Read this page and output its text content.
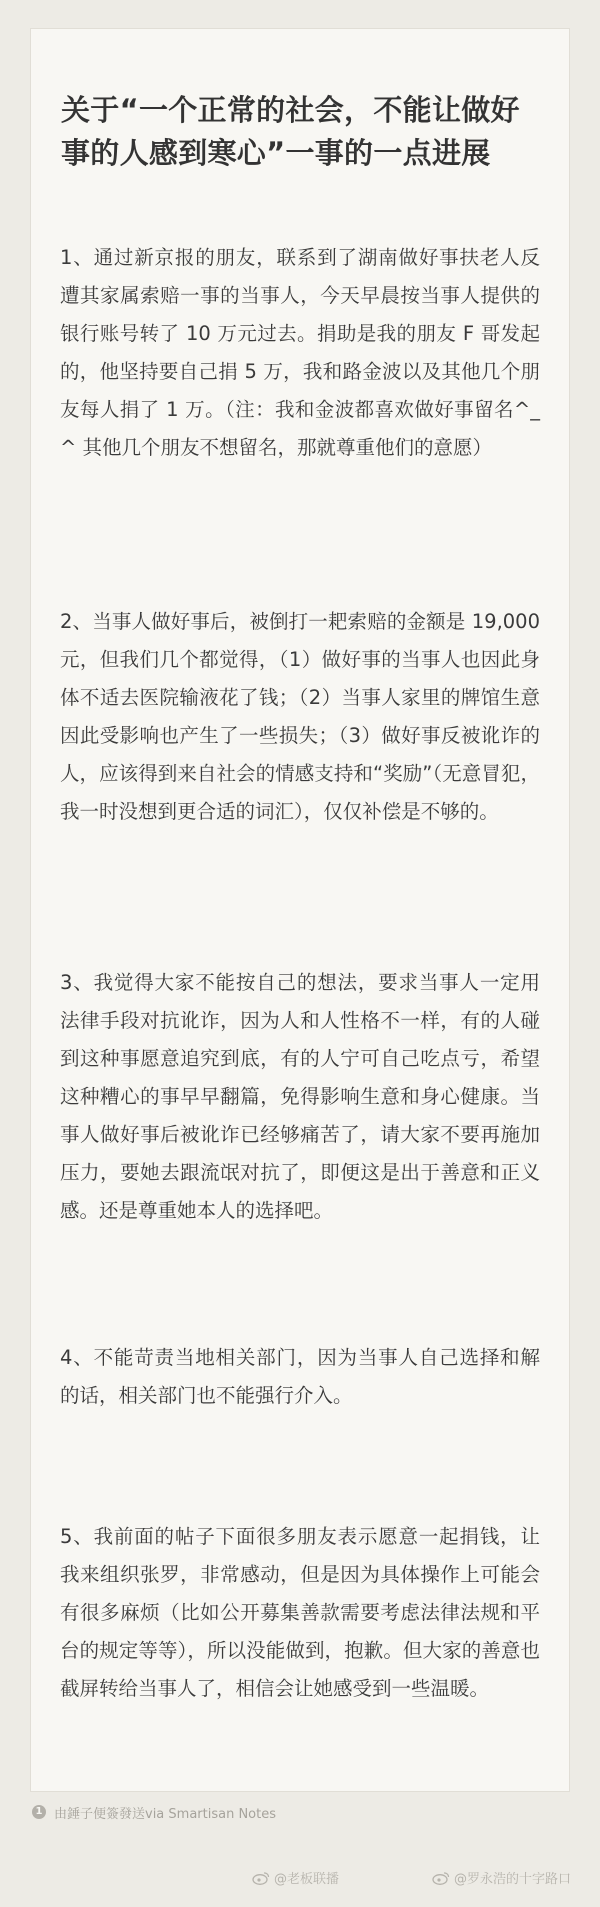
关于“一个正常的社会，不能让做好事的人感到寒心”一事的一点进展

1、通过新京报的朋友，联系到了湖南做好事扶老人反遭其家属索赔一事的当事人，今天早晨按当事人提供的银行账号转了 10 万元过去。捐助是我的朋友 F 哥发起的，他坚持要自己捐 5 万，我和路金波以及其他几个朋友每人捐了 1 万。（注：我和金波都喜欢做好事留名^_^ 其他几个朋友不想留名，那就尊重他们的意愿）

2、当事人做好事后，被倒打一耙索赔的金额是 19,000 元，但我们几个都觉得，（1）做好事的当事人也因此身体不适去医院输液花了钱；（2）当事人家里的牌馆生意因此受影响也产生了一些损失；（3）做好事反被讹诈的人，应该得到来自社会的情感支持和“奖励”（无意冒犯，我一时没想到更合适的词汇），仅仅补偿是不够的。

3、我觉得大家不能按自己的想法，要求当事人一定用法律手段对抗讹诈，因为人和人性格不一样，有的人碰到这种事愿意追究到底，有的人宁可自己吃点亏，希望这种糟心的事早早翻篇，免得影响生意和身心健康。当事人做好事后被讹诈已经够痛苦了，请大家不要再施加压力，要她去跟流氓对抗了，即便这是出于善意和正义感。还是尊重她本人的选择吧。

4、不能苛责当地相关部门，因为当事人自己选择和解的话，相关部门也不能强行介入。

5、我前面的帖子下面很多朋友表示愿意一起捐钱，让我来组织张罗，非常感动，但是因为具体操作上可能会有很多麻烦（比如公开募集善款需要考虑法律法规和平台的规定等等），所以没能做到，抱歉。但大家的善意也截屏转给当事人了，相信会让她感受到一些温暖。

1 由錘子便簽發送via Smartisan Notes
@老板联播	@罗永浩的十字路口
